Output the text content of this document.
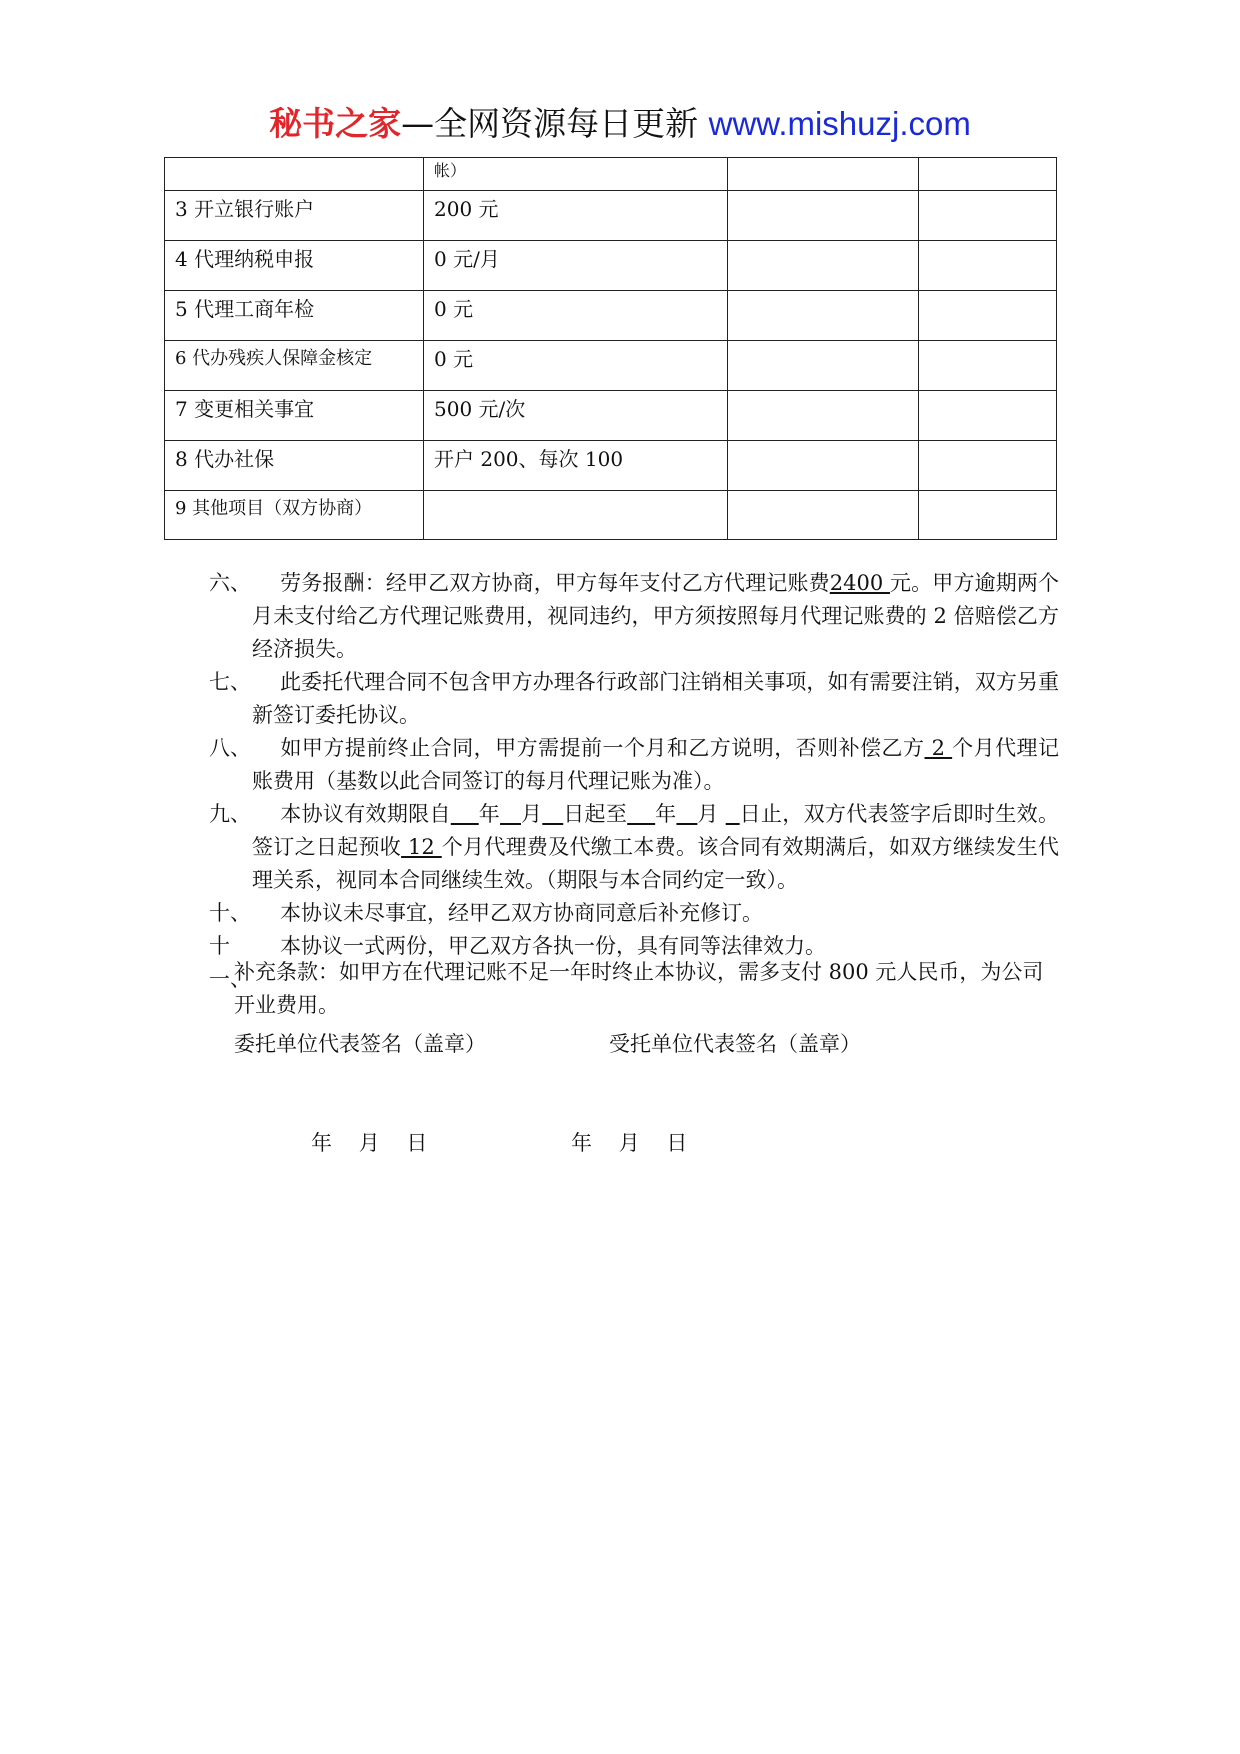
秘书之家—全网资源每日更新 www.mishuzj.com
	帐）		
3 开立银行账户	200 元		
4 代理纳税申报	0 元/月		
5 代理工商年检	0 元		
6 代办残疾人保障金核定	0 元		
7 变更相关事宜	500 元/次		
8 代办社保	开户 200、每次 100		
9 其他项目（双方协商）			
六、	劳务报酬：经甲乙双方协商，甲方每年支付乙方代理记账费2400 元。甲方逾期两个月未支付给乙方代理记账费用，视同违约，甲方须按照每月代理记账费的 2 倍赔偿乙方经济损失。
七、	此委托代理合同不包含甲方办理各行政部门注销相关事项，如有需要注销，双方另重新签订委托协议。
八、	如甲方提前终止合同，甲方需提前一个月和乙方说明，否则补偿乙方 2 个月代理记账费用（基数以此合同签订的每月代理记账为准）。
九、	本协议有效期限自 年 月 日起至 年 月   日止，双方代表签字后即时生效。签订之日起预收 12 个月代理费及代缴工本费。该合同有效期满后，如双方继续发生代理关系，视同本合同继续生效。（期限与本合同约定一致）。
十、	本协议未尽事宜，经甲乙双方协商同意后补充修订。
十一、
本协议一式两份，甲乙双方各执一份，具有同等法律效力。
补充条款：如甲方在代理记账不足一年时终止本协议，需多支付 800 元人民币，为公司开业费用。
委托单位代表签名（盖章）	受托单位代表签名（盖章）
年    月    日	年    月    日
